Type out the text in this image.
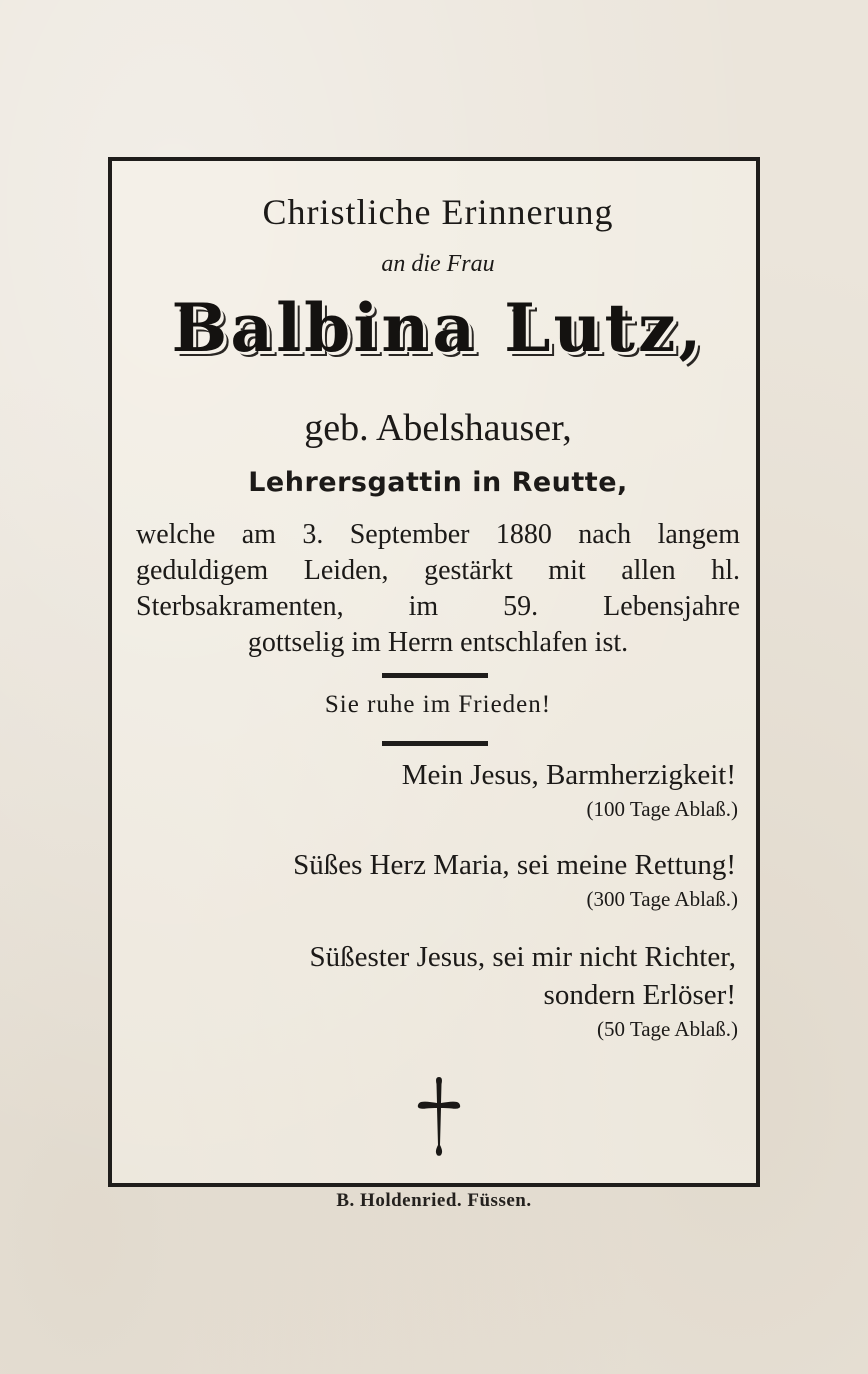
Christliche Erinnerung
an die Frau
Balbina Lutz,
geb. Abelshauser,
Lehrersgattin in Reutte,
welche am 3. September 1880 nach langem
geduldigem Leiden, gestärkt mit allen hl.
Sterbsakramenten, im 59. Lebensjahre
gottselig im Herrn entschlafen ist.
Sie ruhe im Frieden!
Mein Jesus, Barmherzigkeit!
(100 Tage Ablaß.)
Süßes Herz Maria, sei meine Rettung!
(300 Tage Ablaß.)
Süßester Jesus, sei mir nicht Richter,
sondern Erlöser!
(50 Tage Ablaß.)
B. Holdenried. Füssen.
